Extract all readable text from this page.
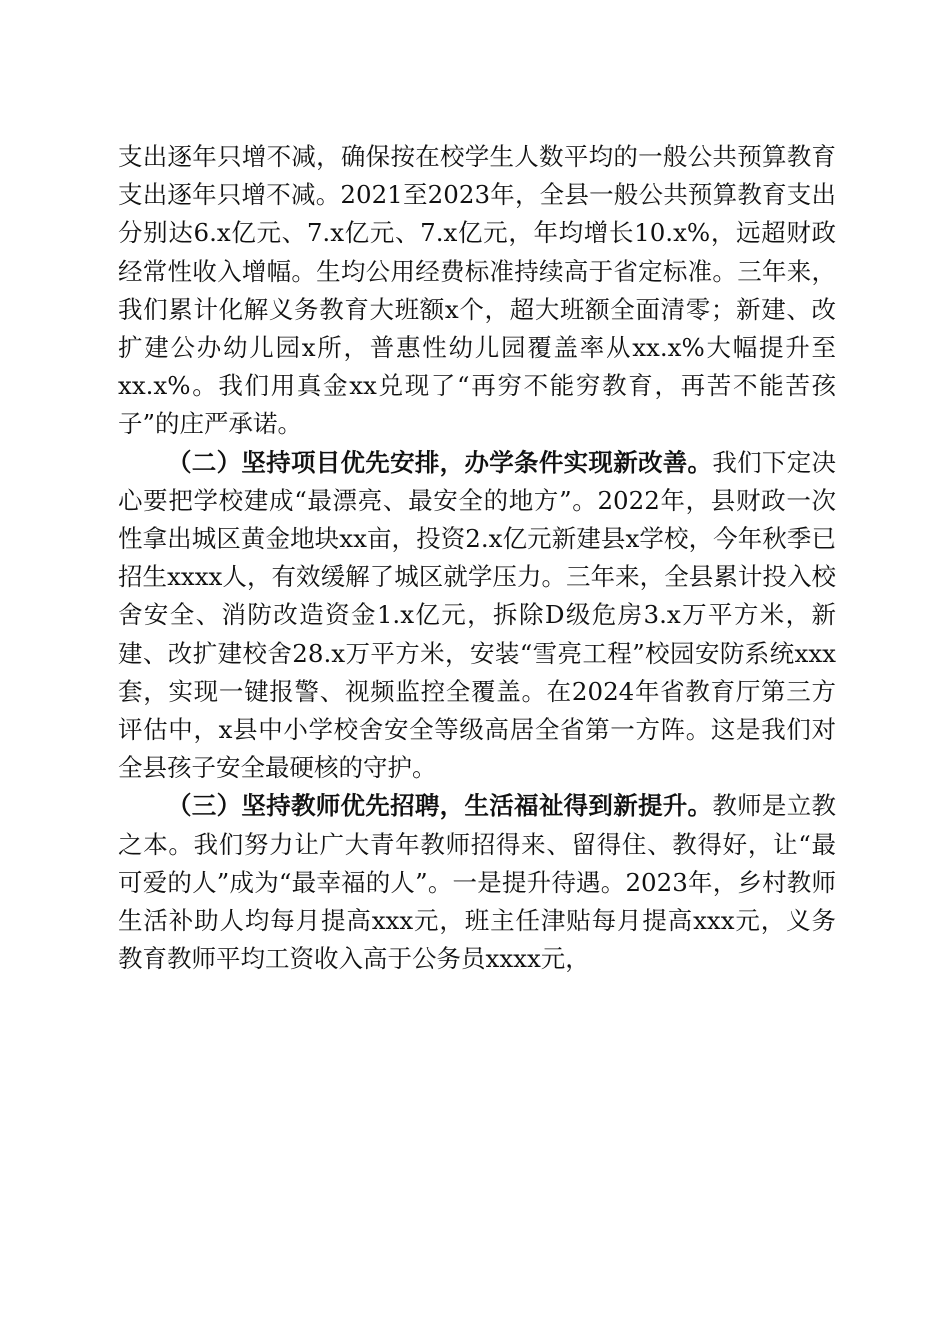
支出逐年只增不减，确保按在校学生人数平均的一般公共预算教育支出逐年只增不减。2021至2023年，全县一般公共预算教育支出分别达6.x亿元、7.x亿元、7.x亿元，年均增长10.x%，远超财政经常性收入增幅。生均公用经费标准持续高于省定标准。三年来，我们累计化解义务教育大班额x个，超大班额全面清零；新建、改扩建公办幼儿园x所，普惠性幼儿园覆盖率从xx.x%大幅提升至xx.x%。我们用真金xx兑现了“再穷不能穷教育，再苦不能苦孩子”的庄严承诺。

（二）坚持项目优先安排，办学条件实现新改善。我们下定决心要把学校建成“最漂亮、最安全的地方”。2022年，县财政一次性拿出城区黄金地块xx亩，投资2.x亿元新建县x学校，今年秋季已招生xxxx人，有效缓解了城区就学压力。三年来，全县累计投入校舍安全、消防改造资金1.x亿元，拆除D级危房3.x万平方米，新建、改扩建校舍28.x万平方米，安装“雪亮工程”校园安防系统xxx套，实现一键报警、视频监控全覆盖。在2024年省教育厅第三方评估中，x县中小学校舍安全等级高居全省第一方阵。这是我们对全县孩子安全最硬核的守护。

（三）坚持教师优先招聘，生活福祉得到新提升。教师是立教之本。我们努力让广大青年教师招得来、留得住、教得好，让“最可爱的人”成为“最幸福的人”。一是提升待遇。2023年，乡村教师生活补助人均每月提高xxx元，班主任津贴每月提高xxx元，义务教育教师平均工资收入高于公务员xxxx元，
